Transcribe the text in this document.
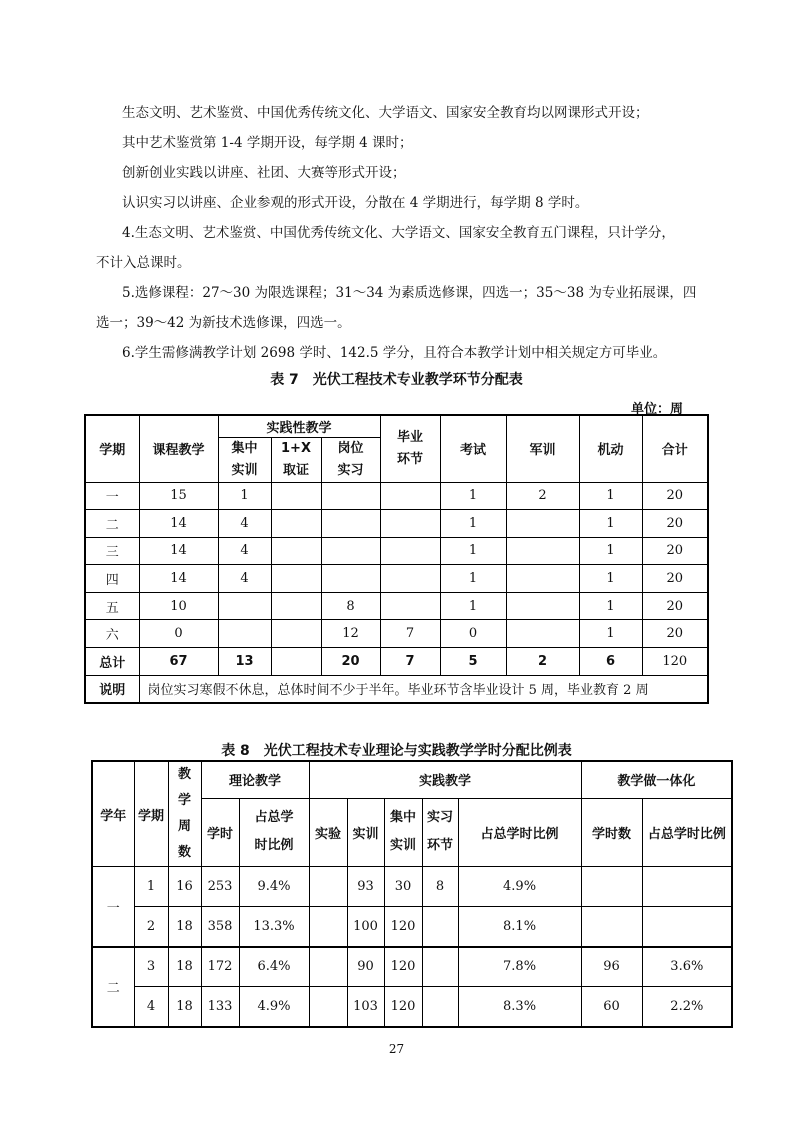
生态文明、艺术鉴赏、中国优秀传统文化、大学语文、国家安全教育均以网课形式开设；

其中艺术鉴赏第 1-4 学期开设，每学期 4 课时；

创新创业实践以讲座、社团、大赛等形式开设；

认识实习以讲座、企业参观的形式开设，分散在 4 学期进行，每学期 8 学时。

4.生态文明、艺术鉴赏、中国优秀传统文化、大学语文、国家安全教育五门课程，只计学分，

不计入总课时。

5.选修课程：27～30 为限选课程；31～34 为素质选修课，四选一；35～38 为专业拓展课，四

选一；39～42 为新技术选修课，四选一。

6.学生需修满教学计划 2698 学时、142.5 学分，且符合本教学计划中相关规定方可毕业。

表 7　光伏工程技术专业教学环节分配表
单位：周
学期	课程教学	实践性教学			毕业环节	考试	军训	机动	合计
		集中实训	1+X取证	岗位实习					

一	15	1				1	2	1	20
二	14	4				1		1	20
三	14	4				1		1	20
四	14	4				1		1	20
五	10			8		1		1	20
六	0			12	7	0		1	20
总计	67	13		20	7	5	2	6	120
说明	岗位实习寒假不休息，总体时间不少于半年。毕业环节含毕业设计 5 周，毕业教育 2 周								
表 8　光伏工程技术专业理论与实践教学学时分配比例表
学年	学期	教学周数	理论教学		实践教学					教学做一体化	
			学时	占总学时比例	实验	实训	集中实训	实习环节	占总学时比例	学时数	占总学时比例
一	1	16	253	9.4%		93	30	8	4.9%		
	2	18	358	13.3%		100	120		8.1%		
二	3	18	172	6.4%		90	120		7.8%	96	3.6%
	4	18	133	4.9%		103	120		8.3%	60	2.2%
27
